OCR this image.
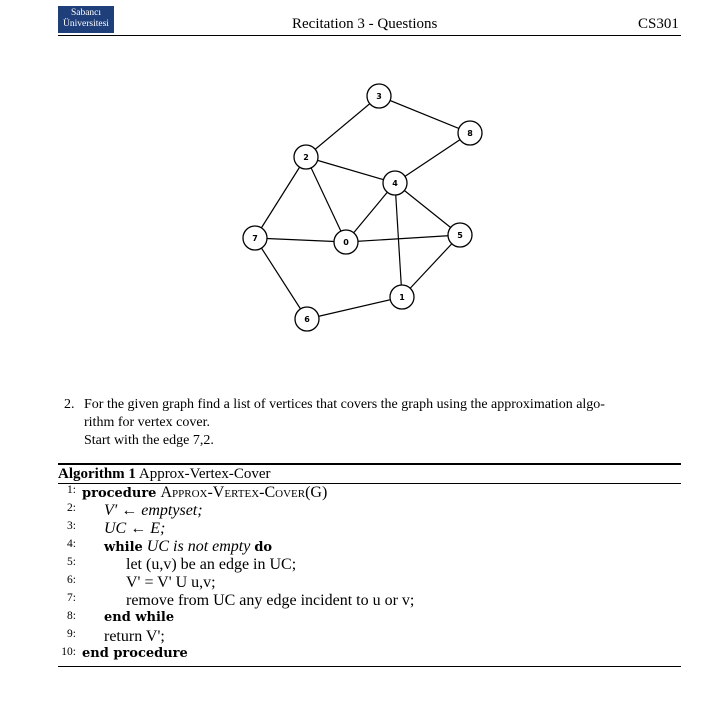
Sabancı
Üniversitesi	Recitation 3 - Questions	CS301
0
1
2
3
4
5
6
7
8
2. For the given graph find a list of vertices that covers the graph using the approximation algo-
rithm for vertex cover.
Start with the edge 7,2.
Algorithm 1 Approx-Vertex-Cover
1: procedure Approx-Vertex-Cover(G)
2: V′ ← emptyset;
3: UC ← E;
4: while UC is not empty do
5:	let (u,v) be an edge in UC;
6:	V' = V' U u,v;
7:	remove from UC any edge incident to u or v;
8: end while
9: return V';
10: end procedure
